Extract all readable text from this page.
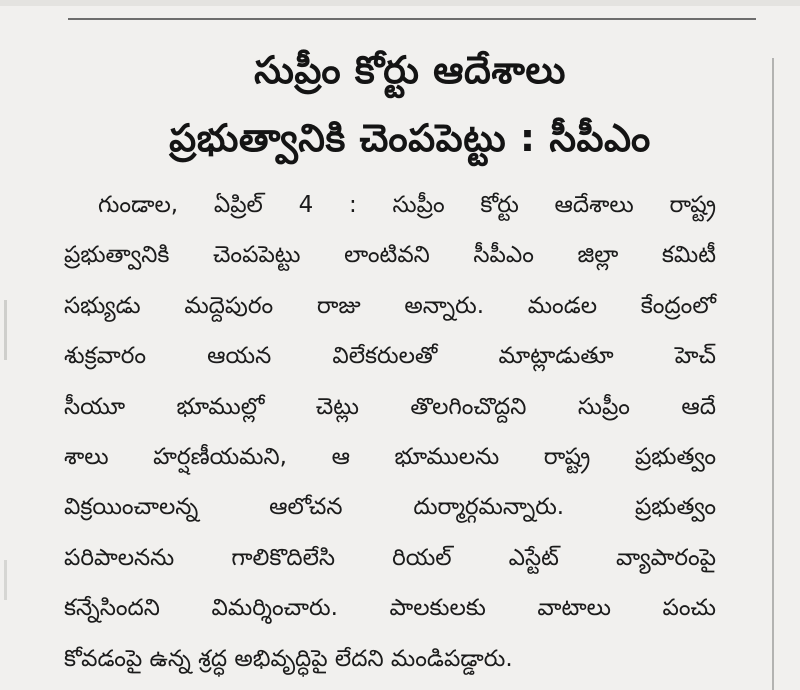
సుప్రీం కోర్టు ఆదేశాలు
ప్రభుత్వానికి చెంపపెట్టు : సీపీఎం
గుండాల, ఏప్రిల్ 4 : సుప్రీం కోర్టు ఆదేశాలు రాష్ట్ర
ప్రభుత్వానికి చెంపపెట్టు లాంటివని సీపీఎం జిల్లా కమిటీ
సభ్యుడు మద్దెపురం రాజు అన్నారు. మండల కేంద్రంలో
శుక్రవారం ఆయన విలేకరులతో మాట్లాడుతూ హెచ్
సీయూ భూముల్లో చెట్లు తొలగించొద్దని సుప్రీం ఆదే
శాలు హర్షణీయమని, ఆ భూములను రాష్ట్ర ప్రభుత్వం
విక్రయించాలన్న ఆలోచన దుర్మార్గమన్నారు. ప్రభుత్వం
పరిపాలనను గాలికొదిలేసి రియల్ ఎస్టేట్ వ్యాపారంపై
కన్నేసిందని విమర్శించారు. పాలకులకు వాటాలు పంచు
కోవడంపై ఉన్న శ్రద్ధ అభివృద్ధిపై లేదని మండిపడ్డారు.
